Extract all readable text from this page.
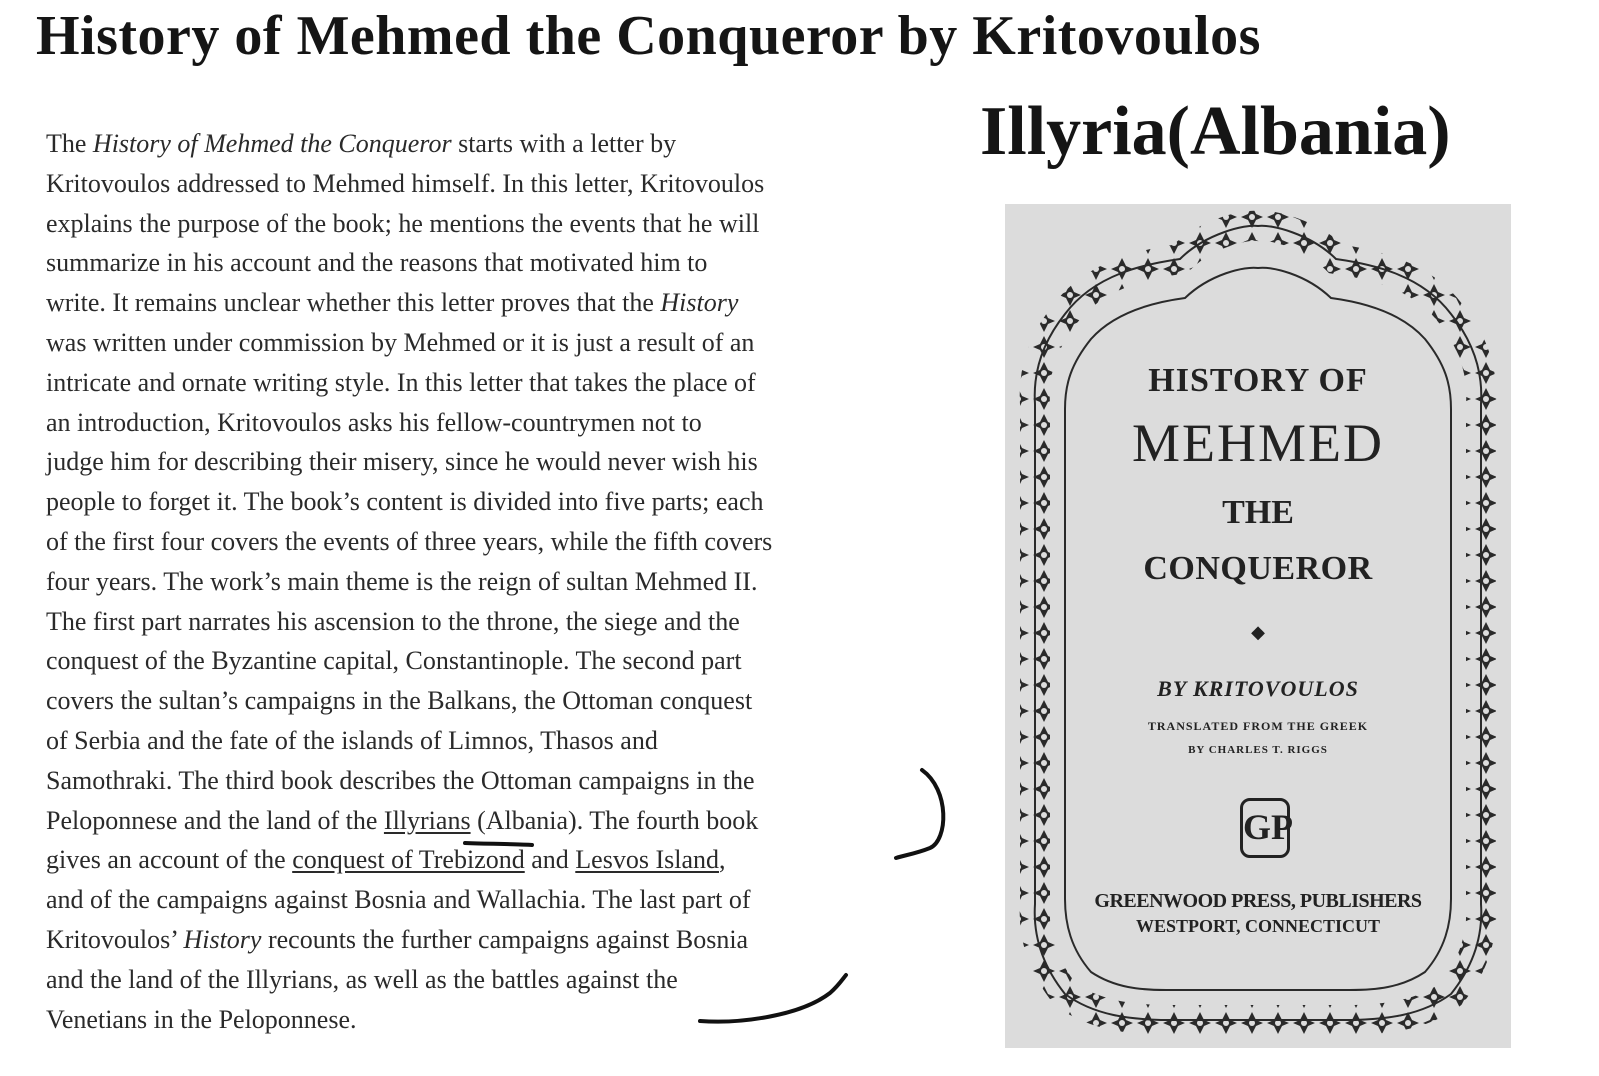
History of Mehmed the Conqueror by Kritovoulos
Illyria(Albania)
The History of Mehmed the Conqueror starts with a letter by
Kritovoulos addressed to Mehmed himself. In this letter, Kritovoulos
explains the purpose of the book; he mentions the events that he will
summarize in his account and the reasons that motivated him to
write. It remains unclear whether this letter proves that the History
was written under commission by Mehmed or it is just a result of an
intricate and ornate writing style. In this letter that takes the place of
an introduction, Kritovoulos asks his fellow-countrymen not to
judge him for describing their misery, since he would never wish his
people to forget it. The book’s content is divided into five parts; each
of the first four covers the events of three years, while the fifth covers
four years. The work’s main theme is the reign of sultan Mehmed II.
The first part narrates his ascension to the throne, the siege and the
conquest of the Byzantine capital, Constantinople. The second part
covers the sultan’s campaigns in the Balkans, the Ottoman conquest
of Serbia and the fate of the islands of Limnos, Thasos and
Samothraki. The third book describes the Ottoman campaigns in the
Peloponnese and the land of the Illyrians (Albania). The fourth book
gives an account of the conquest of Trebizond and Lesvos Island,
and of the campaigns against Bosnia and Wallachia. The last part of
Kritovoulos’ History recounts the further campaigns against Bosnia
and the land of the Illyrians, as well as the battles against the
Venetians in the Peloponnese.
HISTORY OF
MEHMED
THE
CONQUEROR
◆
BY KRITOVOULOS
TRANSLATED FROM THE GREEK
BY CHARLES T. RIGGS
GP
GREENWOOD PRESS, PUBLISHERS
WESTPORT, CONNECTICUT
